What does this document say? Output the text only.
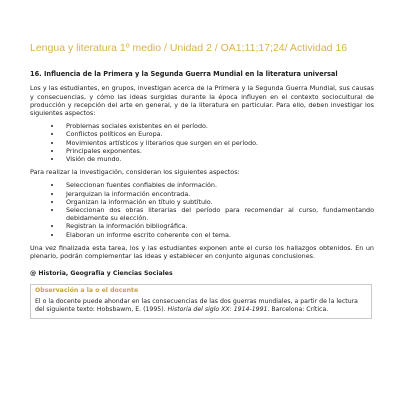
Lengua y literatura 1º medio / Unidad 2 / OA1;11;17;24/ Actividad 16
16. Influencia de la Primera y la Segunda Guerra Mundial en la literatura universal

Los y las estudiantes, en grupos, investigan acerca de la Primera y la Segunda Guerra Mundial, sus causas y consecuencias, y cómo las ideas surgidas durante la época influyen en el contexto sociocultural de producción y recepción del arte en general, y de la literatura en particular. Para ello, deben investigar los siguientes aspectos:

• Problemas sociales existentes en el período.
• Conflictos políticos en Europa.
• Movimientos artísticos y literarios que surgen en el período.
• Principales exponentes.
• Visión de mundo.

Para realizar la investigación, consideran los siguientes aspectos:

• Seleccionan fuentes confiables de información.
• Jerarquizan la información encontrada.
• Organizan la información en título y subtítulo.
• Seleccionan dos obras literarias del período para recomendar al curso, fundamentando debidamente su elección.
• Registran la información bibliográfica.
• Elaboran un informe escrito coherente con el tema.

Una vez finalizada esta tarea, los y las estudiantes exponen ante el curso los hallazgos obtenidos. En un plenario, podrán complementar las ideas y establecer en conjunto algunas conclusiones.

@ Historia, Geografía y Ciencias Sociales
Observación a la o el docente

El o la docente puede ahondar en las consecuencias de las dos guerras mundiales, a partir de la lectura del siguiente texto: Hobsbawm, E. (1995). Historia del siglo XX: 1914-1991. Barcelona: Crítica.
